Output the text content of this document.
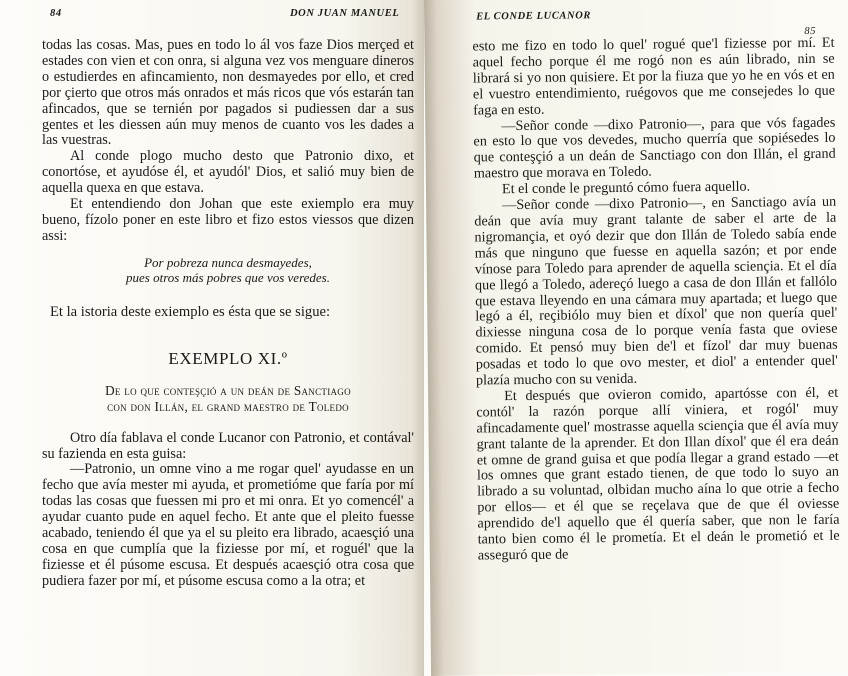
84	DON JUAN MANUEL

todas las cosas. Mas, pues en todo lo ál vos faze Dios merçed et estades con vien et con onra, si alguna vez vos menguare dineros o estudierdes en afincamiento, non desmayedes por ello, et cred por çierto que otros más onrados et más ricos que vós estarán tan afincados, que se ternién por pagados si pudiessen dar a sus gentes et les diessen aún muy menos de cuanto vos les dades a las vuestras.

Al conde plogo mucho desto que Patronio dixo, et conortóse, et ayudóse él, et ayudól' Dios, et salió muy bien de aquella quexa en que estava.

Et entendiendo don Johan que este exiemplo era muy bueno, fízolo poner en este libro et fizo estos viessos que dizen assi:

Por pobreza nunca desmayedes,
pues otros más pobres que vos veredes.

Et la istoria deste exiemplo es ésta que se sigue:

EXEMPLO XI.º

De lo que conteşçió a un deán de Sanctiago
con don Illán, el grand maestro de Toledo

Otro día fablava el conde Lucanor con Patronio, et contával' su fazienda en esta guisa:

—Patronio, un omne vino a me rogar quel' ayudasse en un fecho que avía mester mi ayuda, et prometióme que faría por mí todas las cosas que fuessen mi pro et mi onra. Et yo comencél' a ayudar cuanto pude en aquel fecho. Et ante que el pleito fuesse acabado, teniendo él que ya el su pleito era librado, acaesçió una cosa en que cumplía que la fiziesse por mí, et roguél' que la fiziesse et él púsome escusa. Et después acaesçió otra cosa que pudiera fazer por mí, et púsome escusa como a la otra; et

EL CONDE LUCANOR
85

esto me fizo en todo lo quel' rogué que'l fiziesse por mí. Et aquel fecho porque él me rogó non es aún librado, nin se librará si yo non quisiere. Et por la fiuza que yo he en vós et en el vuestro entendimiento, ruégovos que me consejedes lo que faga en esto.

—Señor conde —dixo Patronio—, para que vós fagades en esto lo que vos devedes, mucho querría que sopiésedes lo que conteşçió a un deán de Sanctiago con don Illán, el grand maestro que morava en Toledo.

Et el conde le preguntó cómo fuera aquello.

—Señor conde —dixo Patronio—, en Sanctiago avía un deán que avía muy grant talante de saber el arte de la nigromançia, et oyó dezir que don Illán de Toledo sabía ende más que ninguno que fuesse en aquella sazón; et por ende vínose para Toledo para aprender de aquella sciençia. Et el día que llegó a Toledo, adereçó luego a casa de don Illán et fallólo que estava lleyendo en una cámara muy apartada; et luego que legó a él, reçibiólo muy bien et díxol' que non quería quel' dixiesse ninguna cosa de lo porque venía fasta que oviese comido. Et pensó muy bien de'l et fízol' dar muy buenas posadas et todo lo que ovo mester, et diol' a entender quel' plazía mucho con su venida.

Et después que ovieron comido, apartósse con él, et contól' la razón porque allí viniera, et rogól' muy afincadamente quel' mostrasse aquella sciençia que él avía muy grant talante de la aprender. Et don Illan díxol' que él era deán et omne de grand guisa et que podía llegar a grand estado —et los omnes que grant estado tienen, de que todo lo suyo an librado a su voluntad, olbidan mucho aína lo que otrie a fecho por ellos— et él que se reçelava que de que él oviesse aprendido de'l aquello que él quería saber, que non le faría tanto bien como él le prometía. Et el deán le prometió et le asseguró que de
